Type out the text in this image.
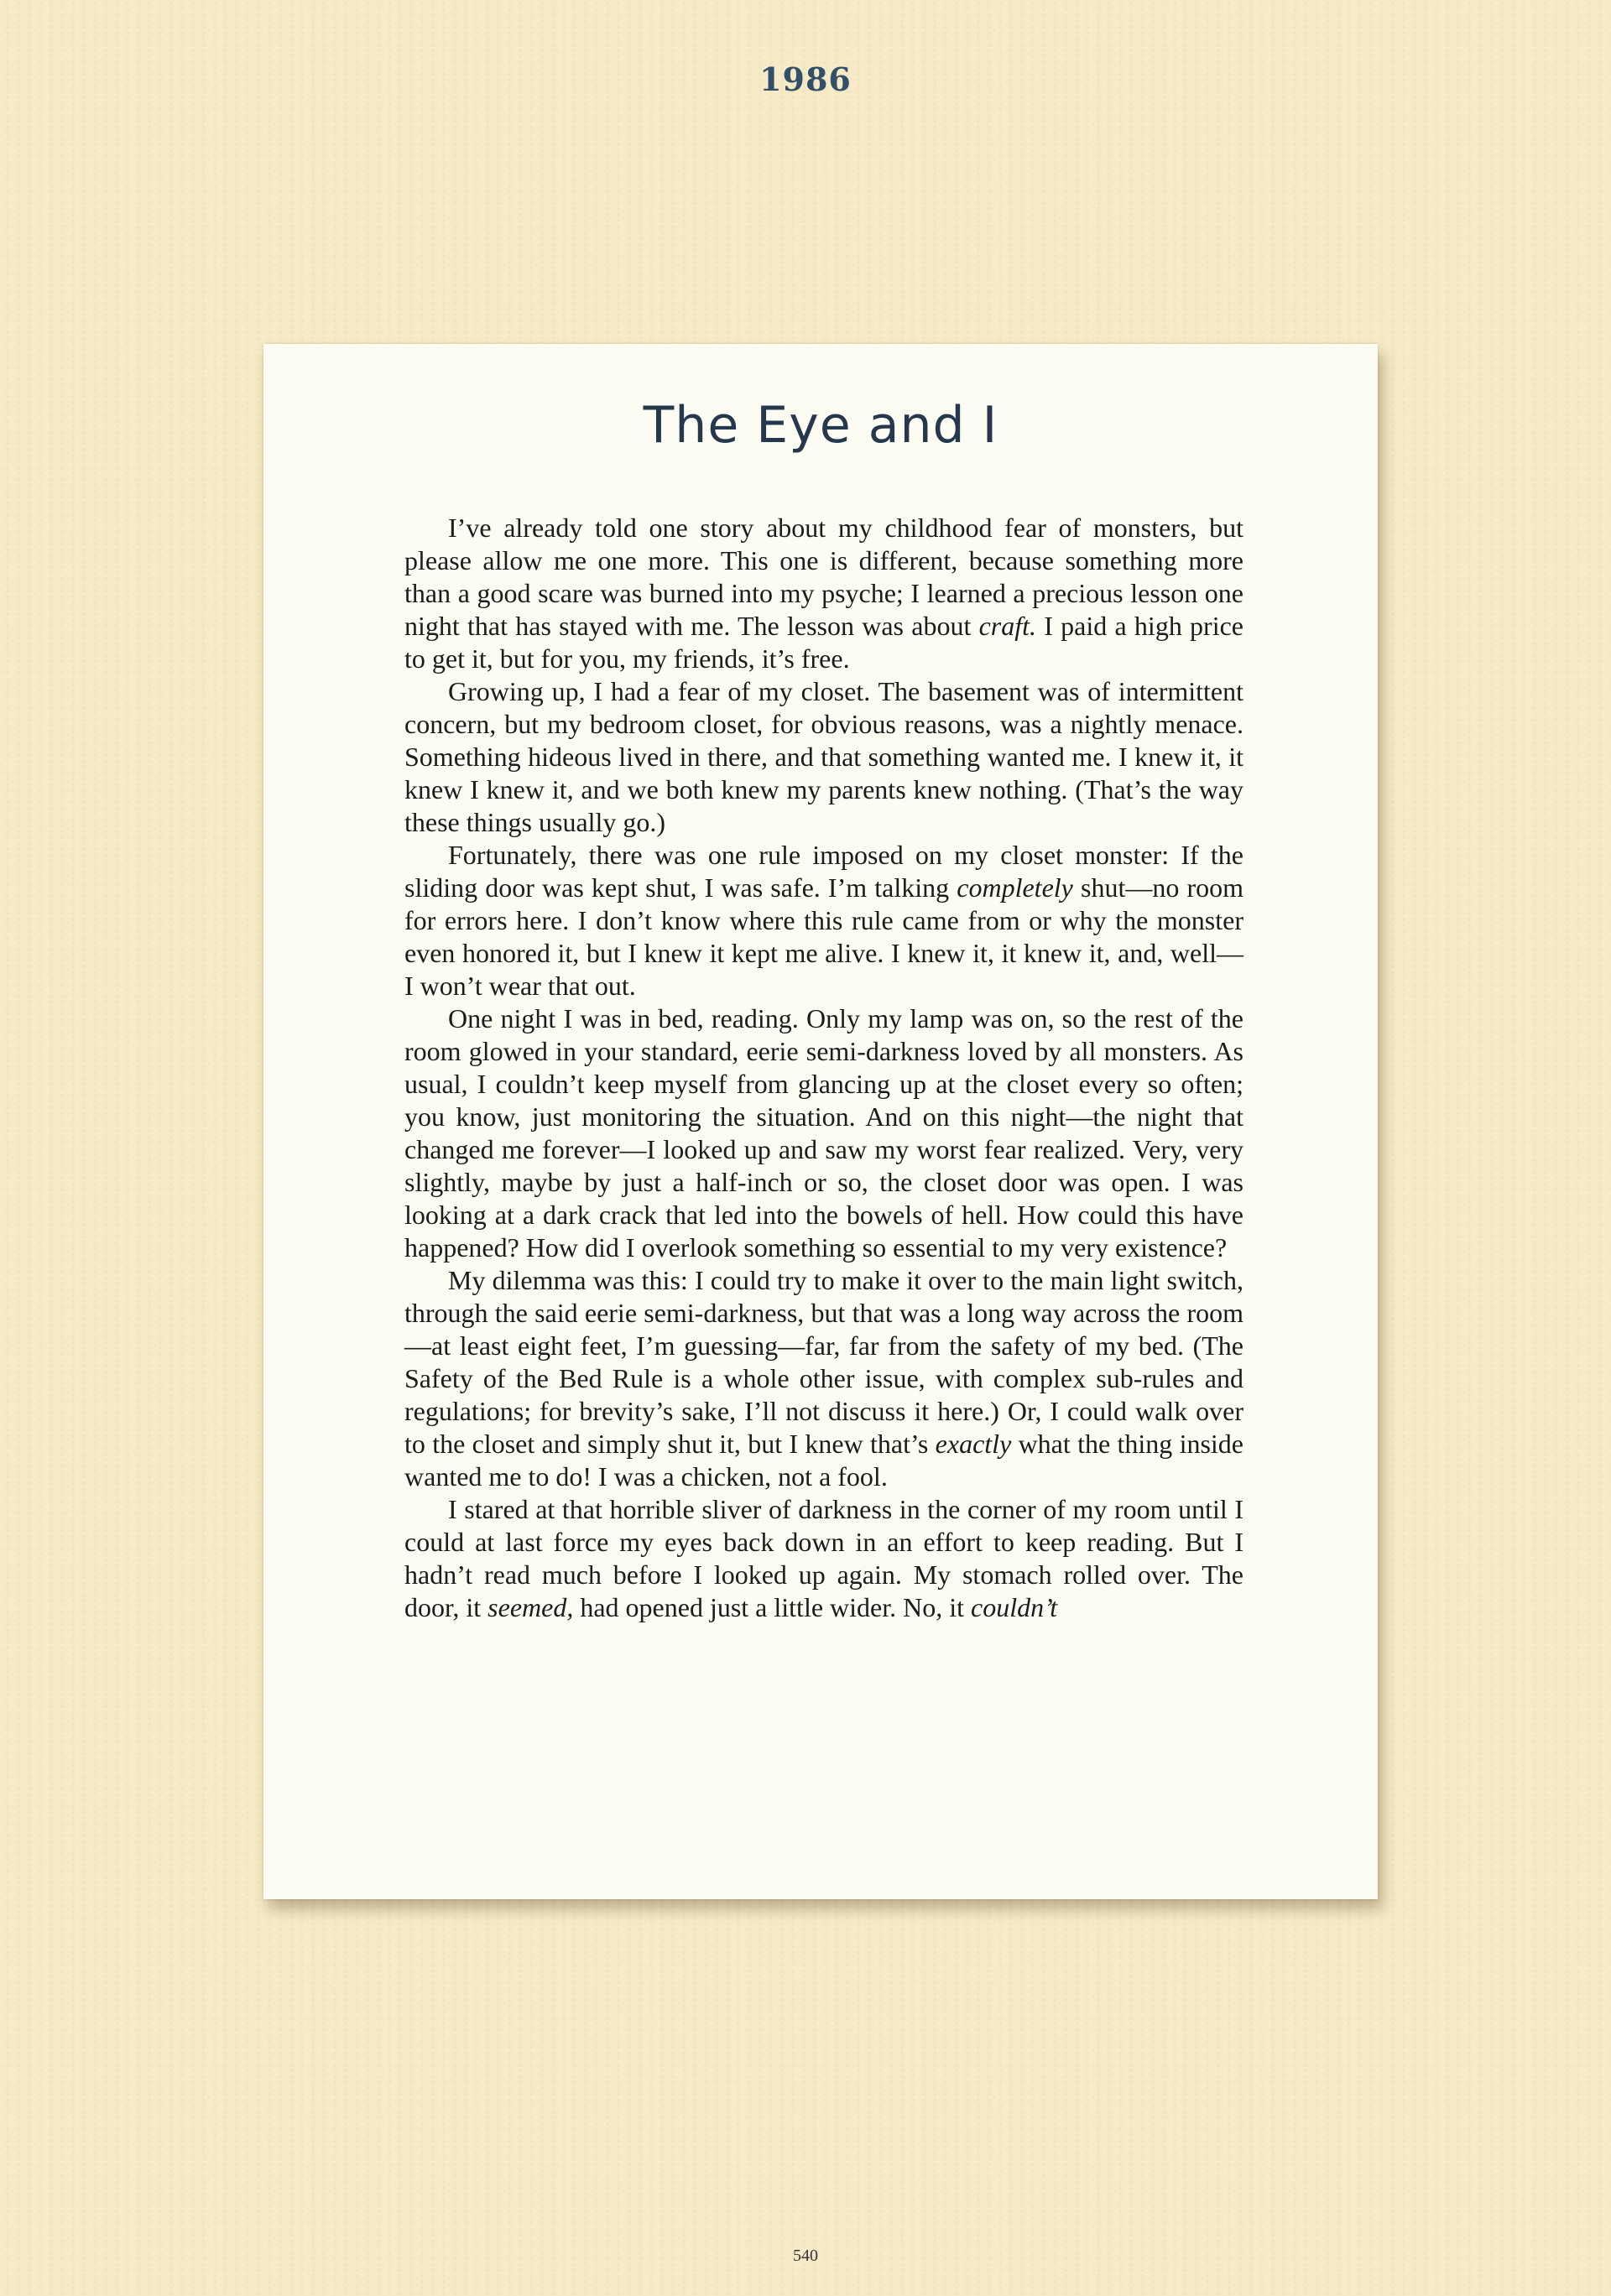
1986
The Eye and I

I’ve already told one story about my childhood fear of monsters, but please allow me one more. This one is different, because something more than a good scare was burned into my psyche; I learned a precious lesson one night that has stayed with me. The lesson was about craft. I paid a high price to get it, but for you, my friends, it’s free.

Growing up, I had a fear of my closet. The basement was of intermittent concern, but my bedroom closet, for obvious reasons, was a nightly menace. Something hideous lived in there, and that something wanted me. I knew it, it knew I knew it, and we both knew my parents knew nothing. (That’s the way these things usually go.)

Fortunately, there was one rule imposed on my closet monster: If the sliding door was kept shut, I was safe. I’m talking completely shut—no room for errors here. I don’t know where this rule came from or why the monster even honored it, but I knew it kept me alive. I knew it, it knew it, and, well—I won’t wear that out.

One night I was in bed, reading. Only my lamp was on, so the rest of the room glowed in your standard, eerie semi-darkness loved by all monsters. As usual, I couldn’t keep myself from glancing up at the closet every so often; you know, just monitoring the situation. And on this night—the night that changed me forever—I looked up and saw my worst fear realized. Very, very slightly, maybe by just a half-inch or so, the closet door was open. I was looking at a dark crack that led into the bowels of hell. How could this have happened? How did I overlook something so essential to my very existence?

My dilemma was this: I could try to make it over to the main light switch, through the said eerie semi-darkness, but that was a long way across the room—at least eight feet, I’m guessing—far, far from the safety of my bed. (The Safety of the Bed Rule is a whole other issue, with complex sub-rules and regulations; for brevity’s sake, I’ll not discuss it here.) Or, I could walk over to the closet and simply shut it, but I knew that’s exactly what the thing inside wanted me to do! I was a chicken, not a fool.

I stared at that horrible sliver of darkness in the corner of my room until I could at last force my eyes back down in an effort to keep reading. But I hadn’t read much before I looked up again. My stomach rolled over. The door, it seemed, had opened just a little wider. No, it couldn’t

540
